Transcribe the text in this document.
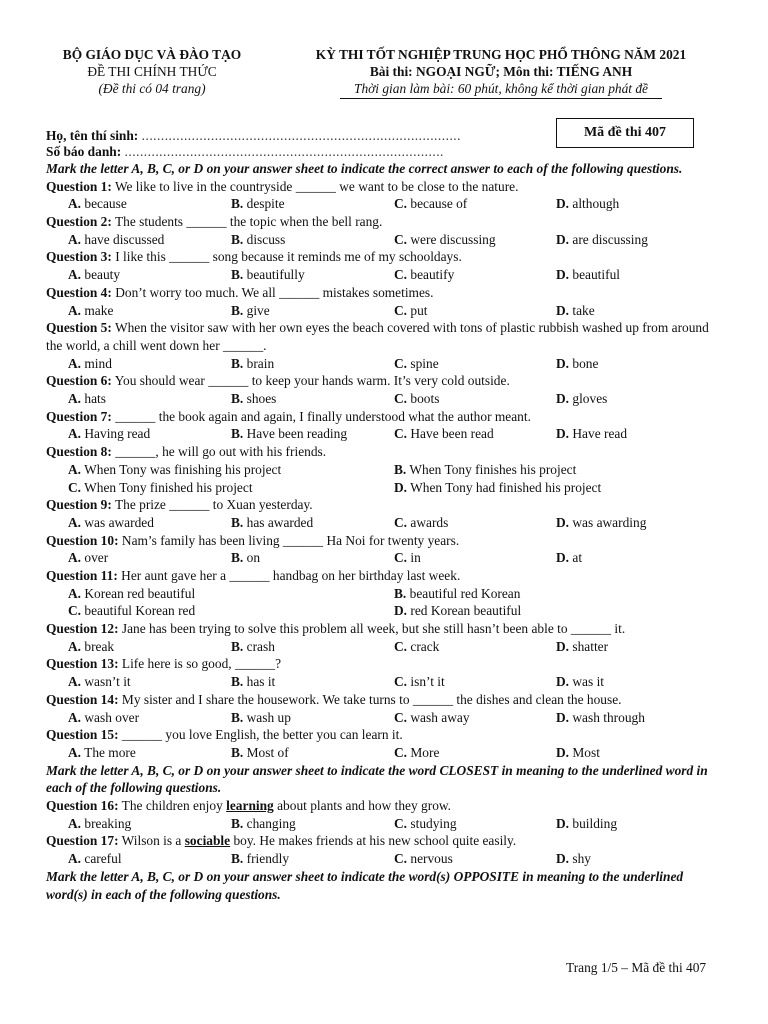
BỘ GIÁO DỤC VÀ ĐÀO TẠO
ĐỀ THI CHÍNH THỨC
(Đề thi có 04 trang)
KỲ THI TỐT NGHIỆP TRUNG HỌC PHỔ THÔNG NĂM 2021
Bài thi: NGOẠI NGỮ; Môn thi: TIẾNG ANH
Thời gian làm bài: 60 phút, không kể thời gian phát đề
Họ, tên thí sinh: ...................................................................................
Số báo danh: ...................................................................................
Mã đề thi 407
Mark the letter A, B, C, or D on your answer sheet to indicate the correct answer to each of the following questions.
Question 1: We like to live in the countryside ______ we want to be close to the nature.
A. because	B. despite	C. because of	D. although
Question 2: The students ______ the topic when the bell rang.
A. have discussed	B. discuss	C. were discussing	D. are discussing
Question 3: I like this ______ song because it reminds me of my schooldays.
A. beauty	B. beautifully	C. beautify	D. beautiful
Question 4: Don’t worry too much. We all ______ mistakes sometimes.
A. make	B. give	C. put	D. take
Question 5: When the visitor saw with her own eyes the beach covered with tons of plastic rubbish washed up from around the world, a chill went down her ______.
A. mind	B. brain	C. spine	D. bone
Question 6: You should wear ______ to keep your hands warm. It’s very cold outside.
A. hats	B. shoes	C. boots	D. gloves
Question 7: ______ the book again and again, I finally understood what the author meant.
A. Having read	B. Have been reading	C. Have been read	D. Have read
Question 8: ______, he will go out with his friends.
A. When Tony was finishing his project	B. When Tony finishes his project
C. When Tony finished his project	D. When Tony had finished his project
Question 9: The prize ______ to Xuan yesterday.
A. was awarded	B. has awarded	C. awards	D. was awarding
Question 10: Nam’s family has been living ______ Ha Noi for twenty years.
A. over	B. on	C. in	D. at
Question 11: Her aunt gave her a ______ handbag on her birthday last week.
A. Korean red beautiful	B. beautiful red Korean
C. beautiful Korean red	D. red Korean beautiful
Question 12: Jane has been trying to solve this problem all week, but she still hasn’t been able to ______ it.
A. break	B. crash	C. crack	D. shatter
Question 13: Life here is so good, ______?
A. wasn’t it	B. has it	C. isn’t it	D. was it
Question 14: My sister and I share the housework. We take turns to ______ the dishes and clean the house.
A. wash over	B. wash up	C. wash away	D. wash through
Question 15: ______ you love English, the better you can learn it.
A. The more	B. Most of	C. More	D. Most
Mark the letter A, B, C, or D on your answer sheet to indicate the word CLOSEST in meaning to the underlined word in each of the following questions.
Question 16: The children enjoy learning about plants and how they grow.
A. breaking	B. changing	C. studying	D. building
Question 17: Wilson is a sociable boy. He makes friends at his new school quite easily.
A. careful	B. friendly	C. nervous	D. shy
Mark the letter A, B, C, or D on your answer sheet to indicate the word(s) OPPOSITE in meaning to the underlined word(s) in each of the following questions.
Trang 1/5 – Mã đề thi 407
